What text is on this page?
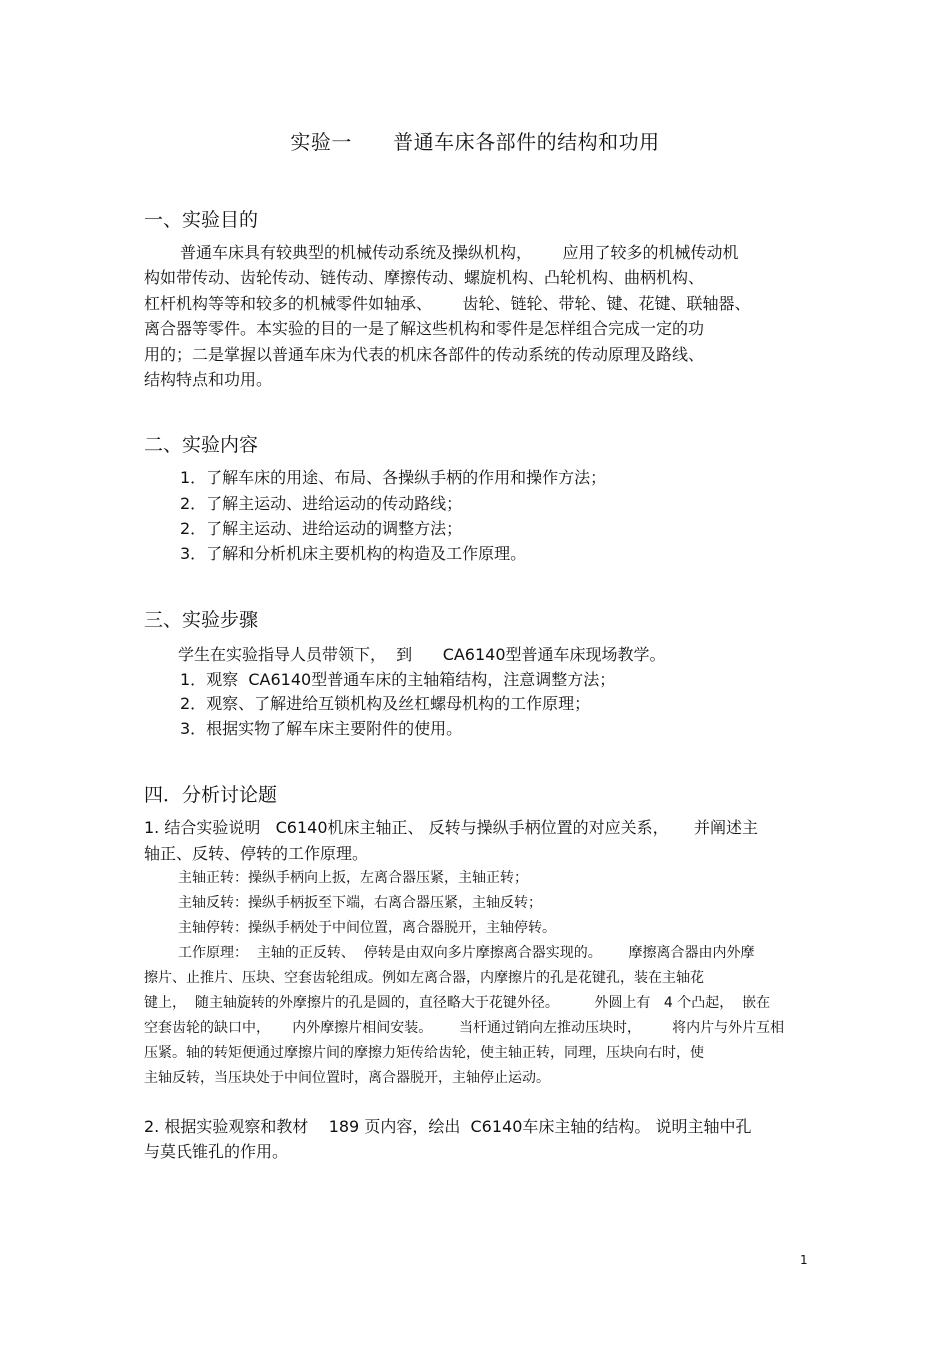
实验一      普通车床各部件的结构和功用
一、实验目的
普通车床具有较典型的机械传动系统及操纵机构，      应用了较多的机械传动机
构如带传动、齿轮传动、链传动、摩擦传动、螺旋机构、凸轮机构、曲柄机构、
杠杆机构等等和较多的机械零件如轴承、      齿轮、链轮、带轮、键、花键、联轴器、
离合器等零件。本实验的目的一是了解这些机构和零件是怎样组合完成一定的功
用的；二是掌握以普通车床为代表的机床各部件的传动系统的传动原理及路线、
结构特点和功用。
二、实验内容
1．了解车床的用途、布局、各操纵手柄的作用和操作方法；
2．了解主运动、进给运动的传动路线；
2．了解主运动、进给运动的调整方法；
3．了解和分析机床主要机构的构造及工作原理。
三、实验步骤
学生在实验指导人员带领下，  到      CA6140型普通车床现场教学。
1．观察  CA6140型普通车床的主轴箱结构，注意调整方法；
2．观察、了解进给互锁机构及丝杠螺母机构的工作原理；
3．根据实物了解车床主要附件的使用。
四．分析讨论题
1. 结合实验说明   C6140机床主轴正、 反转与操纵手柄位置的对应关系，     并阐述主
轴正、反转、停转的工作原理。
主轴正转：操纵手柄向上扳，左离合器压紧，主轴正转；
主轴反转：操纵手柄扳至下端，右离合器压紧，主轴反转；
主轴停转：操纵手柄处于中间位置，离合器脱开，主轴停转。
工作原理：  主轴的正反转、  停转是由双向多片摩擦离合器实现的。      摩擦离合器由内外摩
擦片、止推片、压块、空套齿轮组成。例如左离合器，内摩擦片的孔是花键孔，装在主轴花
键上，  随主轴旋转的外摩擦片的孔是圆的，直径略大于花键外径。        外圆上有   4 个凸起，  嵌在
空套齿轮的缺口中，     内外摩擦片相间安装。      当杆通过销向左推动压块时，       将内片与外片互相
压紧。轴的转矩便通过摩擦片间的摩擦力矩传给齿轮，使主轴正转，同理，压块向右时，使
主轴反转，当压块处于中间位置时，离合器脱开，主轴停止运动。
2. 根据实验观察和教材    189 页内容，绘出  C6140车床主轴的结构。 说明主轴中孔
与莫氏锥孔的作用。
1
